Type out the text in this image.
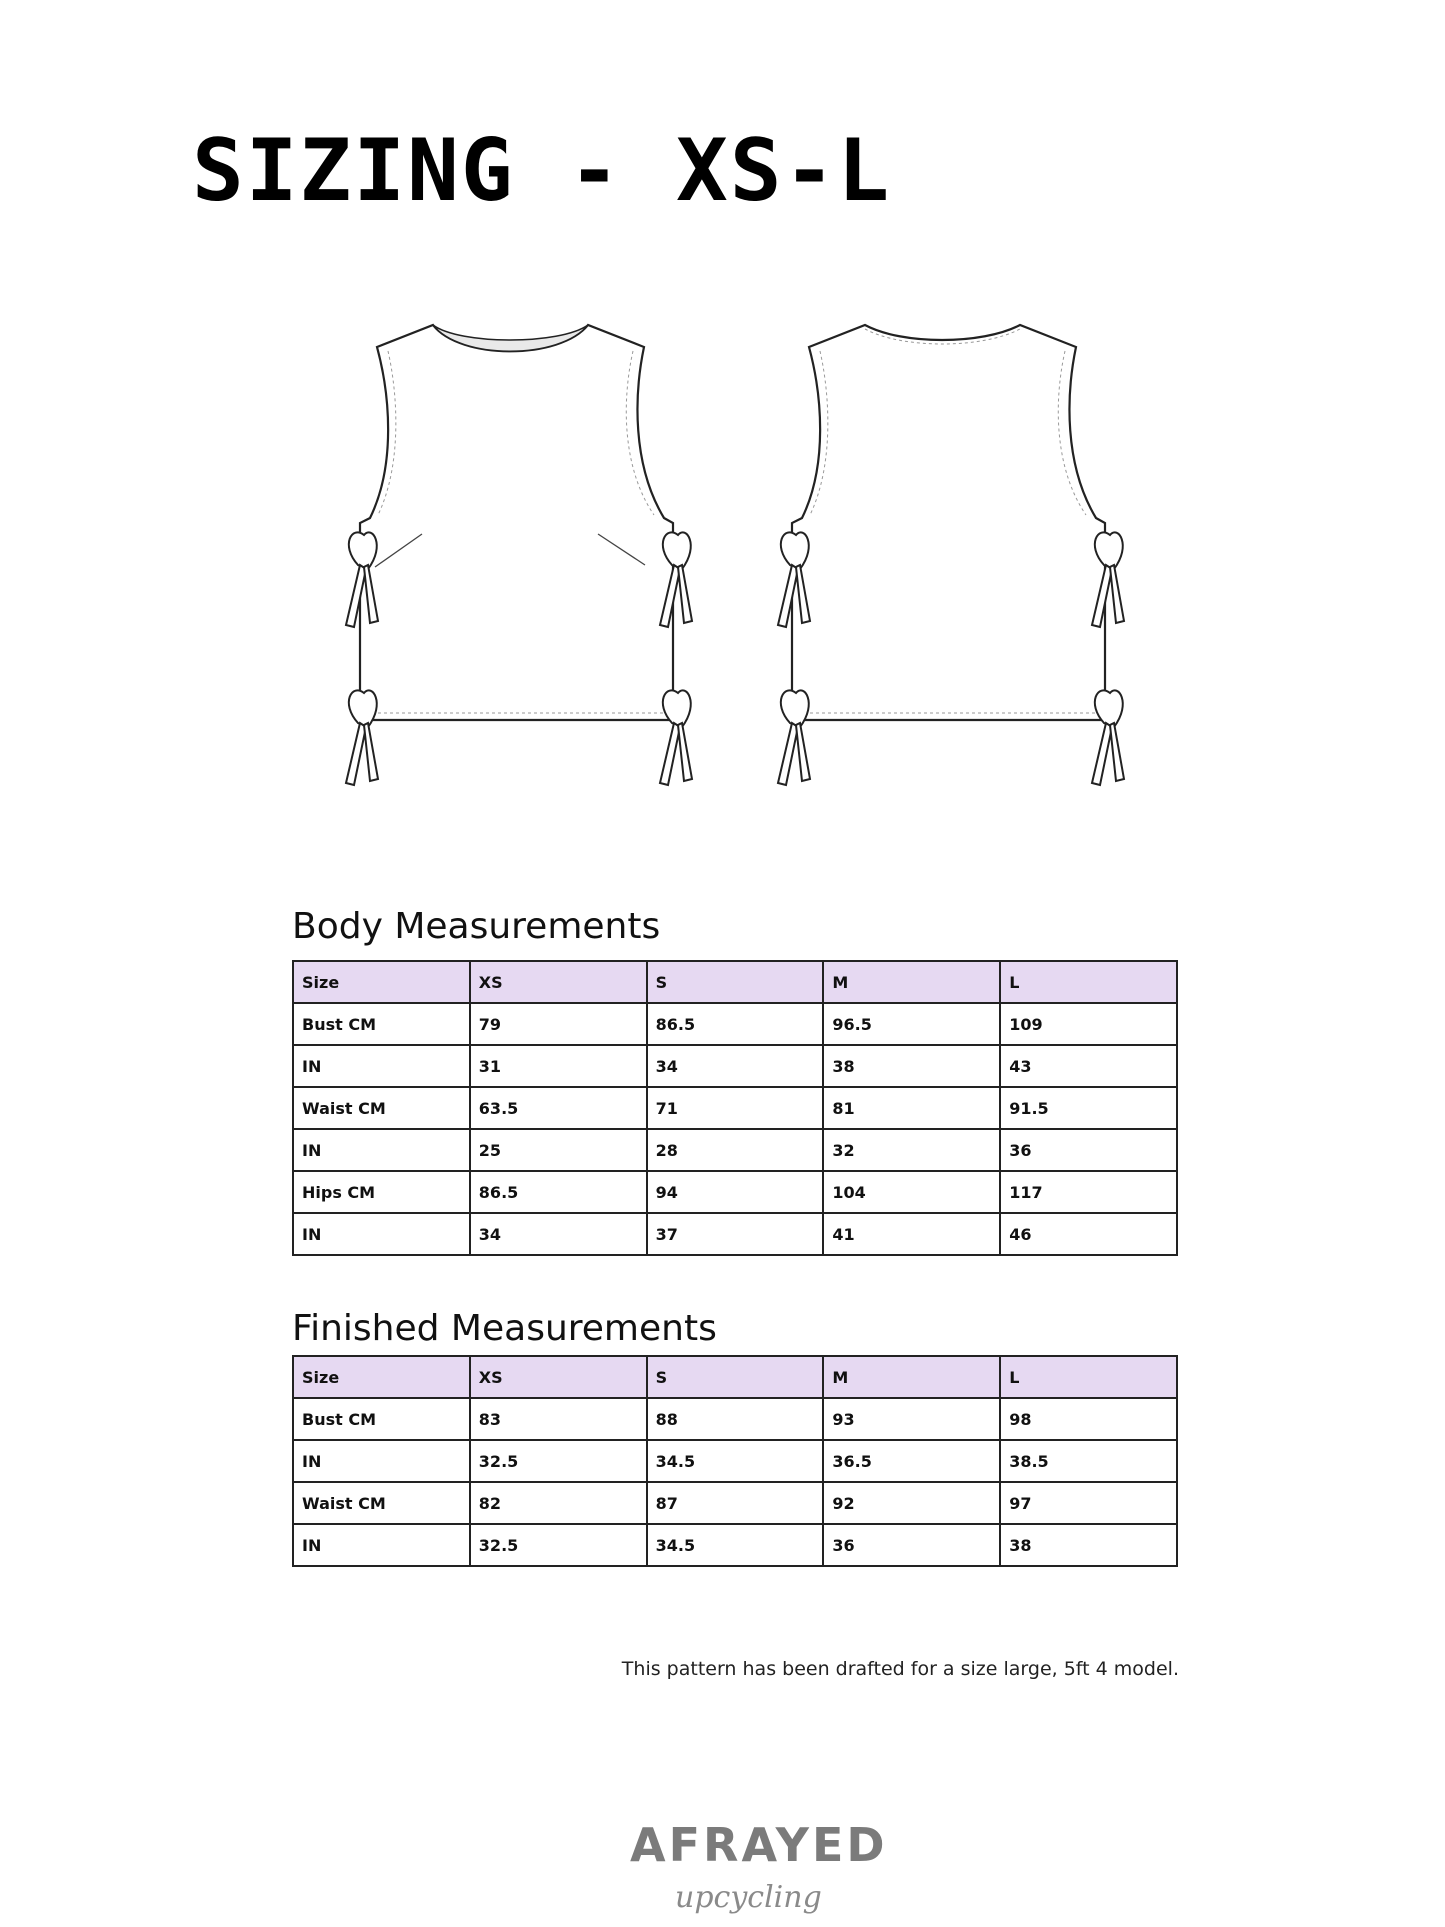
SIZING - XS-L
Body Measurements
Size	XS	S	M	L
Bust CM	79	86.5	96.5	109
IN	31	34	38	43
Waist CM	63.5	71	81	91.5
IN	25	28	32	36
Hips CM	86.5	94	104	117
IN	34	37	41	46
Finished Measurements
Size	XS	S	M	L
Bust CM	83	88	93	98
IN	32.5	34.5	36.5	38.5
Waist CM	82	87	92	97
IN	32.5	34.5	36	38
This pattern has been drafted for a size large, 5ft 4 model.
AFRAYED
upcycling
